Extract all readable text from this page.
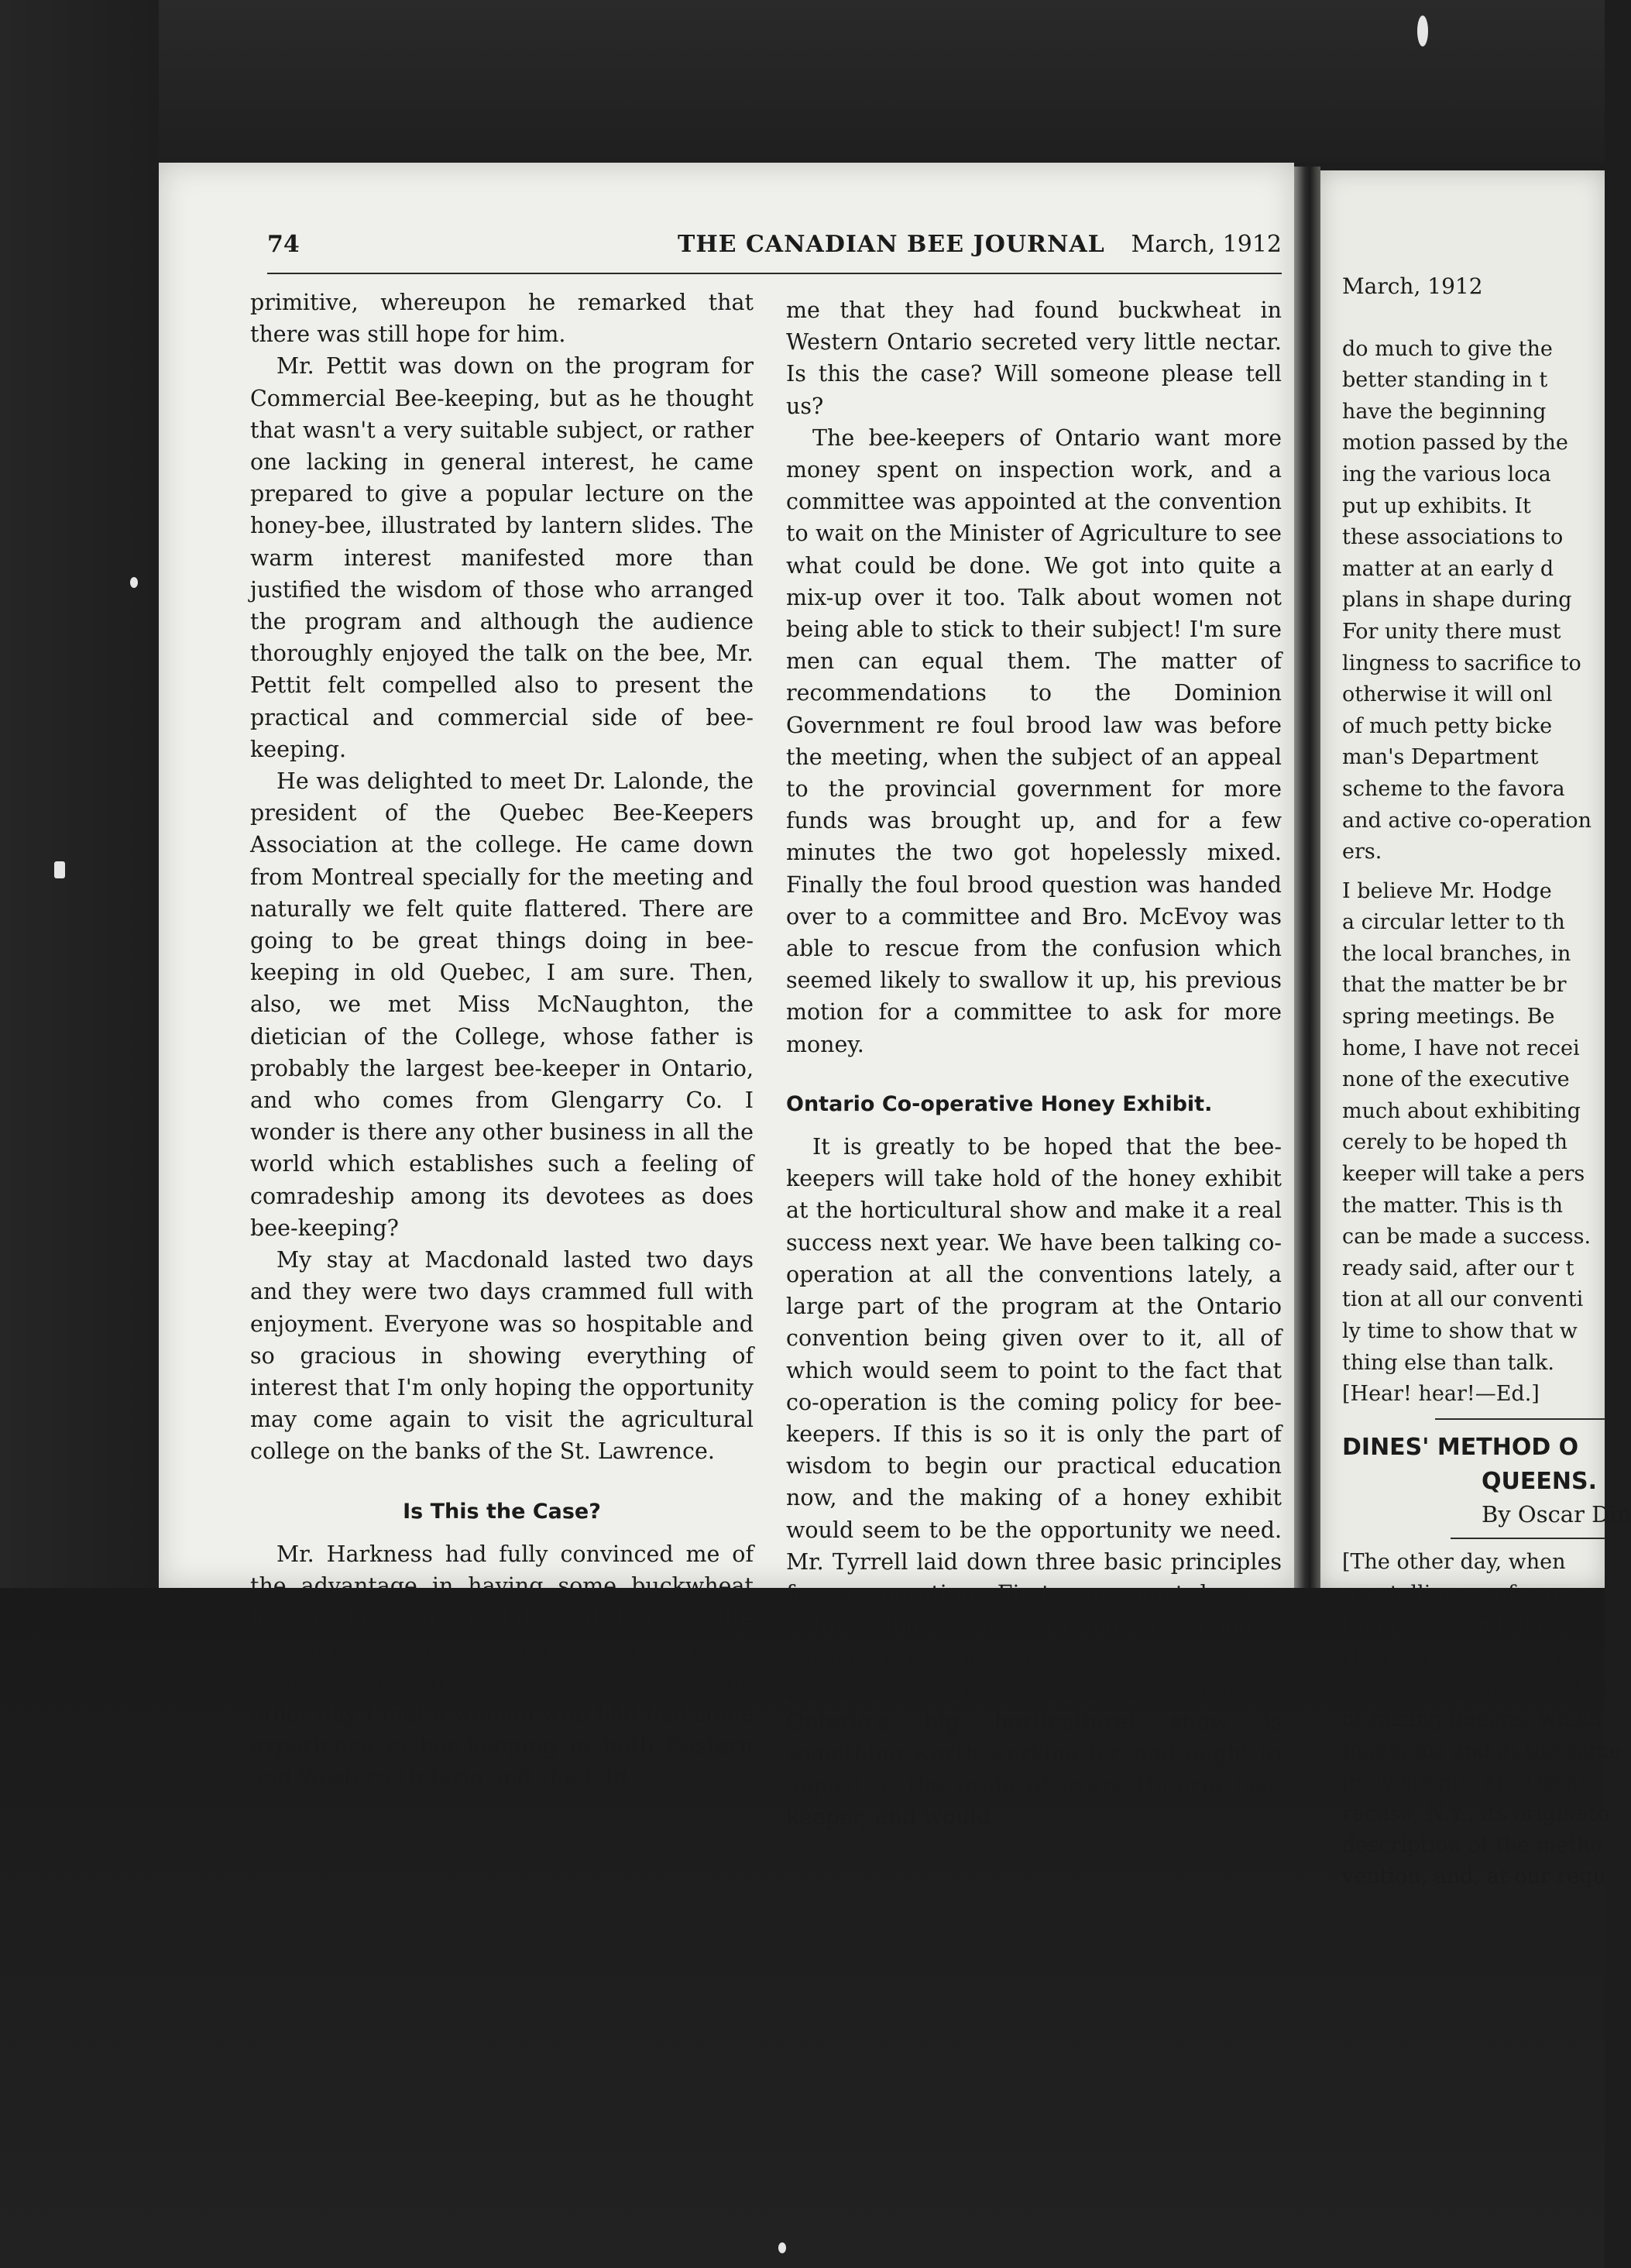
74	THE CANADIAN BEE JOURNAL March, 1912

primitive, whereupon he remarked that there was still hope for him.

Mr. Pettit was down on the program for Commercial Bee-keeping, but as he thought that wasn't a very suitable subject, or rather one lacking in general interest, he came prepared to give a popular lecture on the honey-bee, illustrated by lantern slides. The warm interest manifested more than justified the wisdom of those who arranged the program and although the audience thoroughly enjoyed the talk on the bee, Mr. Pettit felt compelled also to present the practical and commercial side of bee-keeping.

He was delighted to meet Dr. Lalonde, the president of the Quebec Bee-Keepers Association at the college. He came down from Montreal specially for the meeting and naturally we felt quite flattered. There are going to be great things doing in bee-keeping in old Quebec, I am sure. Then, also, we met Miss McNaughton, the dietician of the College, whose father is probably the largest bee-keeper in Ontario, and who comes from Glengarry Co. I wonder is there any other business in all the world which establishes such a feeling of comradeship among its devotees as does bee-keeping?

My stay at Macdonald lasted two days and they were two days crammed full with enjoyment. Everyone was so hospitable and so gracious in showing everything of interest that I'm only hoping the opportunity may come again to visit the agricultural college on the banks of the St. Lawrence.

Is This the Case?

Mr. Harkness had fully convinced me of the advantage in having some buckwheat for the bees in the fall, and I was quite determined to bring what pressure I could to have some at home next year. But the other day I met a woman who had had some experience in bee-keeping in both Eastern and Western Ontario and she told

me that they had found buckwheat in Western Ontario secreted very little nectar. Is this the case? Will someone please tell us?

The bee-keepers of Ontario want more money spent on inspection work, and a committee was appointed at the convention to wait on the Minister of Agriculture to see what could be done. We got into quite a mix-up over it too. Talk about women not being able to stick to their subject! I'm sure men can equal them. The matter of recommendations to the Dominion Government re foul brood law was before the meeting, when the subject of an appeal to the provincial government for more funds was brought up, and for a few minutes the two got hopelessly mixed. Finally the foul brood question was handed over to a committee and Bro. McEvoy was able to rescue from the confusion which seemed likely to swallow it up, his previous motion for a committee to ask for more money.

Ontario Co-operative Honey Exhibit.

It is greatly to be hoped that the bee-keepers will take hold of the honey exhibit at the horticultural show and make it a real success next year. We have been talking co-operation at all the conventions lately, a large part of the program at the Ontario convention being given over to it, all of which would seem to point to the fact that co-operation is the coming policy for bee-keepers. If this is so it is only the part of wisdom to begin our practical education now, and the making of a honey exhibit would seem to be the opportunity we need. Mr. Tyrrell laid down three basic principles for co-operation. First, you must have a definite object worth working for; second, a definite plan, and third, unity. Now, surely the making of a creditable exhibit at Ontario's big horticultural show is something worth working for, and ought to appeal to the pride of every Ontario bee-keeper, and would

March, 1912
do much to give the
better standing in t
have the beginning
motion passed by the
ing the various loca
put up exhibits. It
these associations to
matter at an early d
plans in shape during
For unity there must
lingness to sacrifice to
otherwise it will onl
of much petty bicke
man's Department
scheme to the favora
and active co-operation
ers.
I believe Mr. Hodge
a circular letter to th
the local branches, in
that the matter be br
spring meetings. Be
home, I have not recei
none of the executive
much about exhibiting
cerely to be hoped th
keeper will take a pers
the matter. This is th
can be made a success.
ready said, after our t
tion at all our conventi
ly time to show that w
thing else than talk.
[Hear! hear!—Ed.]
DINES' METHOD O
QUEENS.
By Oscar Din
[The other day, when
was telling us of some
things said and done
New York State conven
particularly interested in
of raising queens, which
ingenious and at the same
ingly simple. Mr. Oscar
racuse, N.Y., its originato
description of the metho
vention, and, at our requ
